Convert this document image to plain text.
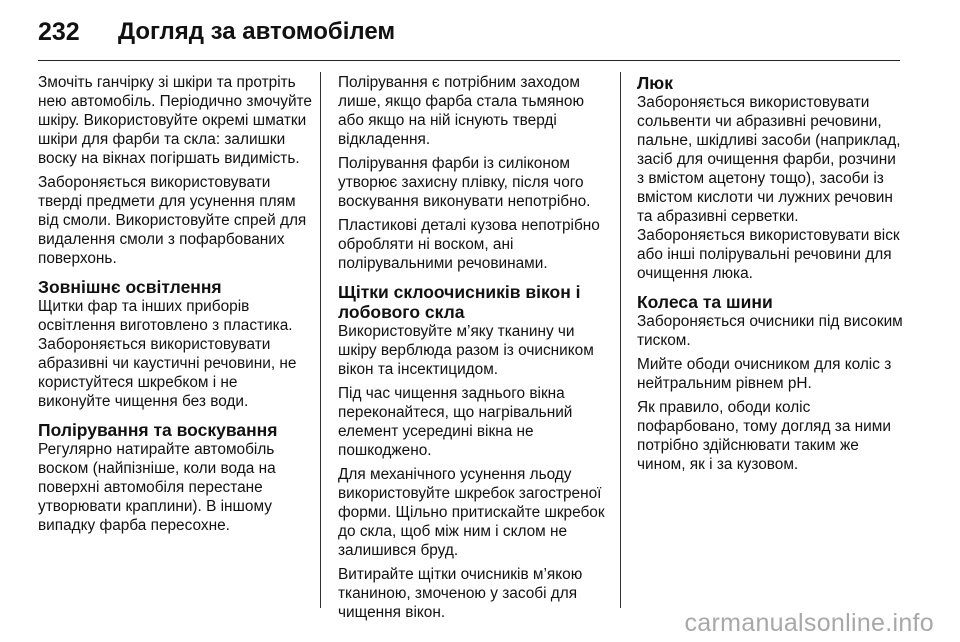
232	Догляд за автомобілем

Змочіть ганчірку зі шкіри та протріть нею автомобіль. Періодично змочуйте шкіру. Використовуйте окремі шматки шкіри для фарби та скла: залишки воску на вікнах погіршать видимість.

Забороняється використовувати тверді предмети для усунення плям від смоли. Використовуйте спрей для видалення смоли з пофарбованих поверхонь.

Зовнішнє освітлення

Щитки фар та інших приборів освітлення виготовлено з пластика. Забороняється використовувати абразивні чи каустичні речовини, не користуйтеся шкребком і не виконуйте чищення без води.

Полірування та воскування

Регулярно натирайте автомобіль воском (найпізніше, коли вода на поверхні автомобіля перестане утворювати краплини). В іншому випадку фарба пересохне.

Полірування є потрібним заходом лише, якщо фарба стала тьмяною або якщо на ній існують тверді відкладення.

Полірування фарби із силіконом утворює захисну плівку, після чого воскування виконувати непотрібно.

Пластикові деталі кузова непотрібно обробляти ні воском, ані полірувальними речовинами.

Щітки склоочисників вікон і лобового скла

Використовуйте м’яку тканину чи шкіру верблюда разом із очисником вікон та інсектицидом.

Під час чищення заднього вікна переконайтеся, що нагрівальний елемент усередині вікна не пошкоджено.

Для механічного усунення льоду використовуйте шкребок загостреної форми. Щільно притискайте шкребок до скла, щоб між ним і склом не залишився бруд.

Витирайте щітки очисників м’якою тканиною, змоченою у засобі для чищення вікон.

Люк

Забороняється використовувати сольвенти чи абразивні речовини, пальне, шкідливі засоби (наприклад, засіб для очищення фарби, розчини з вмістом ацетону тощо), засоби із вмістом кислоти чи лужних речовин та абразивні серветки. Забороняється використовувати віск або інші полірувальні речовини для очищення люка.

Колеса та шини

Забороняється очисники під високим тиском.

Мийте ободи очисником для коліс з нейтральним рівнем pH.

Як правило, ободи коліс пофарбовано, тому догляд за ними потрібно здійснювати таким же чином, як і за кузовом.

carmanualsonline.info
